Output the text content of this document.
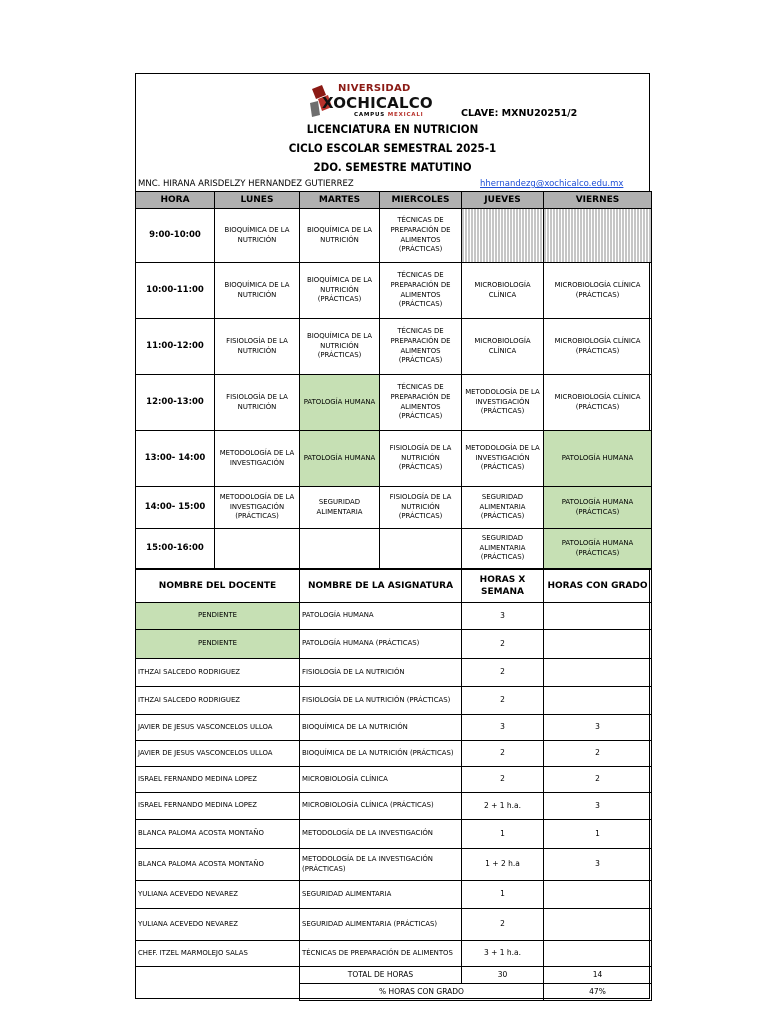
NIVERSIDAD
XOCHICALCO
CAMPUS MEXICALI	CLAVE: MXNU20251/2
LICENCIATURA EN NUTRICION
CICLO ESCOLAR SEMESTRAL 2025-1
2DO. SEMESTRE MATUTINO
MNC. HIRANA ARISDELZY HERNANDEZ GUTIERREZ	hhernandezg@xochicalco.edu.mx
HORA	LUNES	MARTES	MIERCOLES	JUEVES	VIERNES
9:00-10:00	BIOQUÍMICA DE LA NUTRICIÓN	BIOQUÍMICA DE LA NUTRICIÓN	TÉCNICAS DE PREPARACIÓN DE ALIMENTOS (PRÁCTICAS)		
10:00-11:00	BIOQUÍMICA DE LA NUTRICIÓN	BIOQUÍMICA DE LA NUTRICIÓN (PRÁCTICAS)	TÉCNICAS DE PREPARACIÓN DE ALIMENTOS (PRÁCTICAS)	MICROBIOLOGÍA CLÍNICA	MICROBIOLOGÍA CLÍNICA (PRÁCTICAS)
11:00-12:00	FISIOLOGÍA DE LA NUTRICIÓN	BIOQUÍMICA DE LA NUTRICIÓN (PRÁCTICAS)	TÉCNICAS DE PREPARACIÓN DE ALIMENTOS (PRÁCTICAS)	MICROBIOLOGÍA CLÍNICA	MICROBIOLOGÍA CLÍNICA (PRÁCTICAS)
12:00-13:00	FISIOLOGÍA DE LA NUTRICIÓN	PATOLOGÍA HUMANA	TÉCNICAS DE PREPARACIÓN DE ALIMENTOS (PRÁCTICAS)	METODOLOGÍA DE LA INVESTIGACIÓN (PRÁCTICAS)	MICROBIOLOGÍA CLÍNICA (PRÁCTICAS)
13:00- 14:00	METODOLOGÍA DE LA INVESTIGACIÓN	PATOLOGÍA HUMANA	FISIOLOGÍA DE LA NUTRICIÓN (PRÁCTICAS)	METODOLOGÍA DE LA INVESTIGACIÓN (PRÁCTICAS)	PATOLOGÍA HUMANA
14:00- 15:00	METODOLOGÍA DE LA INVESTIGACIÓN (PRÁCTICAS)	SEGURIDAD ALIMENTARIA	FISIOLOGÍA DE LA NUTRICIÓN (PRÁCTICAS)	SEGURIDAD ALIMENTARIA (PRÁCTICAS)	PATOLOGÍA HUMANA (PRÁCTICAS)
15:00-16:00				SEGURIDAD ALIMENTARIA (PRÁCTICAS)	PATOLOGÍA HUMANA (PRÁCTICAS)
NOMBRE DEL DOCENTE	NOMBRE DE LA ASIGNATURA	HORAS X SEMANA	HORAS CON GRADO
PENDIENTE	PATOLOGÍA HUMANA	3	
PENDIENTE	PATOLOGÍA HUMANA (PRÁCTICAS)	2	
ITHZAI SALCEDO RODRIGUEZ	FISIOLOGÍA DE LA NUTRICIÓN	2	
ITHZAI SALCEDO RODRIGUEZ	FISIOLOGÍA DE LA NUTRICIÓN (PRÁCTICAS)	2	
JAVIER DE JESUS VASCONCELOS ULLOA	BIOQUÍMICA DE LA NUTRICIÓN	3	3
JAVIER DE JESUS VASCONCELOS ULLOA	BIOQUÍMICA DE LA NUTRICIÓN (PRÁCTICAS)	2	2
ISRAEL FERNANDO MEDINA LOPEZ	MICROBIOLOGÍA CLÍNICA	2	2
ISRAEL FERNANDO MEDINA LOPEZ	MICROBIOLOGÍA CLÍNICA (PRÁCTICAS)	2 + 1 h.a.	3
BLANCA PALOMA ACOSTA MONTAÑO	METODOLOGÍA DE LA INVESTIGACIÓN	1	1
BLANCA PALOMA ACOSTA MONTAÑO	METODOLOGÍA DE LA INVESTIGACIÓN (PRÁCTICAS)	1 + 2 h.a	3
YULIANA ACEVEDO NEVAREZ	SEGURIDAD ALIMENTARIA	1	
YULIANA ACEVEDO NEVAREZ	SEGURIDAD ALIMENTARIA (PRÁCTICAS)	2	
CHEF. ITZEL MARMOLEJO SALAS	TÉCNICAS DE PREPARACIÓN DE ALIMENTOS	3 + 1 h.a.	
	TOTAL DE HORAS	30	14
	% HORAS CON GRADO		47%
